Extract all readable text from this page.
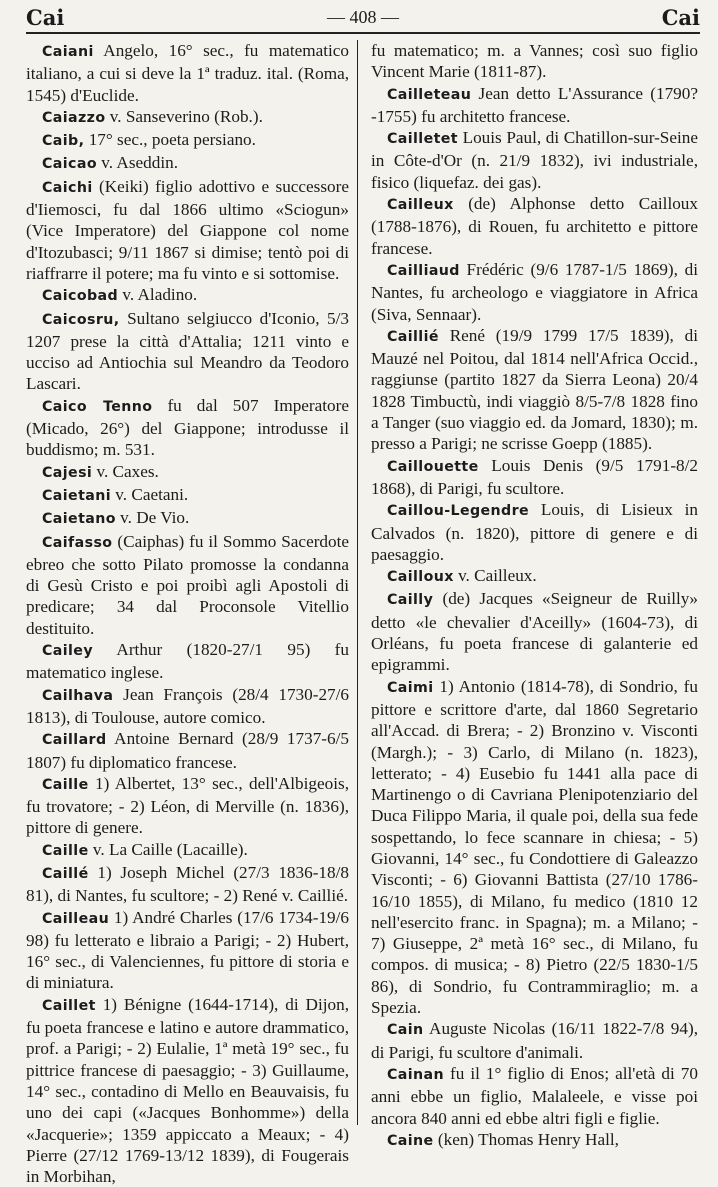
Cai	— 408 —	Cai

Caiani Angelo, 16° sec., fu matematico italiano, a cui si deve la 1ª traduz. ital. (Roma, 1545) d'Euclide.

Caiazzo v. Sanseverino (Rob.).

Caib, 17° sec., poeta persiano.

Caicao v. Aseddin.

Caichi (Keiki) figlio adottivo e successore d'Iiemosci, fu dal 1866 ultimo «Sciogun» (Vice Imperatore) del Giappone col nome d'Itozubasci; 9/11 1867 si dimise; tentò poi di riaffrarre il potere; ma fu vinto e si sottomise.

Caicobad v. Aladino.

Caicosru, Sultano selgiucco d'Iconio, 5/3 1207 prese la città d'Attalia; 1211 vinto e ucciso ad Antiochia sul Meandro da Teodoro Lascari.

Caico Tenno fu dal 507 Imperatore (Micado, 26°) del Giappone; introdusse il buddismo; m. 531.

Cajesi v. Caxes.

Caietani v. Caetani.

Caietano v. De Vio.

Caifasso (Caiphas) fu il Sommo Sacerdote ebreo che sotto Pilato promosse la condanna di Gesù Cristo e poi proibì agli Apostoli di predicare; 34 dal Proconsole Vitellio destituito.

Cailey Arthur (1820-27/1 95) fu matematico inglese.

Cailhava Jean François (28/4 1730-27/6 1813), di Toulouse, autore comico.

Caillard Antoine Bernard (28/9 1737-6/5 1807) fu diplomatico francese.

Caille 1) Albertet, 13° sec., dell'Albigeois, fu trovatore; - 2) Léon, di Merville (n. 1836), pittore di genere.

Caille v. La Caille (Lacaille).

Caillé 1) Joseph Michel (27/3 1836-18/8 81), di Nantes, fu scultore; - 2) René v. Caillié.

Cailleau 1) André Charles (17/6 1734-19/6 98) fu letterato e libraio a Parigi; - 2) Hubert, 16° sec., di Valenciennes, fu pittore di storia e di miniatura.

Caillet 1) Bénigne (1644-1714), di Dijon, fu poeta francese e latino e autore drammatico, prof. a Parigi; - 2) Eulalie, 1ª metà 19° sec., fu pittrice francese di paesaggio; - 3) Guillaume, 14° sec., contadino di Mello en Beauvaisis, fu uno dei capi («Jacques Bonhomme») della «Jacquerie»; 1359 appiccato a Meaux; - 4) Pierre (27/12 1769-13/12 1839), di Fougerais in Morbihan,

fu matematico; m. a Vannes; così suo figlio Vincent Marie (1811-87).

Cailleteau Jean detto L'Assurance (1790?-1755) fu architetto francese.

Cailletet Louis Paul, di Chatillon-sur-Seine in Côte-d'Or (n. 21/9 1832), ivi industriale, fisico (liquefaz. dei gas).

Cailleux (de) Alphonse detto Cailloux (1788-1876), di Rouen, fu architetto e pittore francese.

Cailliaud Frédéric (9/6 1787-1/5 1869), di Nantes, fu archeologo e viaggiatore in Africa (Siva, Sennaar).

Caillié René (19/9 1799 17/5 1839), di Mauzé nel Poitou, dal 1814 nell'Africa Occid., raggiunse (partito 1827 da Sierra Leona) 20/4 1828 Timbuctù, indi viaggiò 8/5-7/8 1828 fino a Tanger (suo viaggio ed. da Jomard, 1830); m. presso a Parigi; ne scrisse Goepp (1885).

Caillouette Louis Denis (9/5 1791-8/2 1868), di Parigi, fu scultore.

Caillou-Legendre Louis, di Lisieux in Calvados (n. 1820), pittore di genere e di paesaggio.

Cailloux v. Cailleux.

Cailly (de) Jacques «Seigneur de Ruilly» detto «le chevalier d'Aceilly» (1604-73), di Orléans, fu poeta francese di galanterie ed epigrammi.

Caimi 1) Antonio (1814-78), di Sondrio, fu pittore e scrittore d'arte, dal 1860 Segretario all'Accad. di Brera; - 2) Bronzino v. Visconti (Margh.); - 3) Carlo, di Milano (n. 1823), letterato; - 4) Eusebio fu 1441 alla pace di Martinengo o di Cavriana Plenipotenziario del Duca Filippo Maria, il quale poi, della sua fede sospettando, lo fece scannare in chiesa; - 5) Giovanni, 14° sec., fu Condottiere di Galeazzo Visconti; - 6) Giovanni Battista (27/10 1786-16/10 1855), di Milano, fu medico (1810 12 nell'esercito franc. in Spagna); m. a Milano; - 7) Giuseppe, 2ª metà 16° sec., di Milano, fu compos. di musica; - 8) Pietro (22/5 1830-1/5 86), di Sondrio, fu Contrammiraglio; m. a Spezia.

Cain Auguste Nicolas (16/11 1822-7/8 94), di Parigi, fu scultore d'animali.

Cainan fu il 1° figlio di Enos; all'età di 70 anni ebbe un figlio, Malaleele, e visse poi ancora 840 anni ed ebbe altri figli e figlie.

Caine (ken) Thomas Henry Hall,
